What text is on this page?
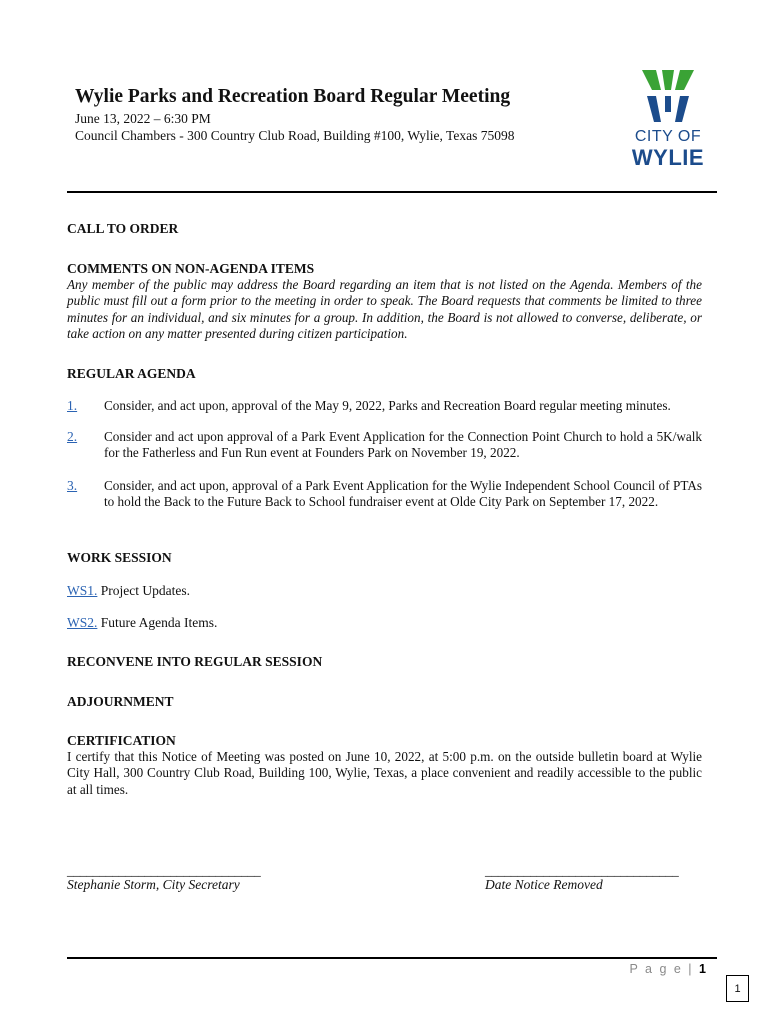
Wylie Parks and Recreation Board Regular Meeting
June 13, 2022 – 6:30 PM
Council Chambers - 300 Country Club Road, Building #100, Wylie, Texas 75098	CITY OF
WYLIE
CALL TO ORDER
COMMENTS ON NON-AGENDA ITEMS
Any member of the public may address the Board regarding an item that is not listed on the Agenda. Members of the public must fill out a form prior to the meeting in order to speak. The Board requests that comments be limited to three minutes for an individual, and six minutes for a group. In addition, the Board is not allowed to converse, deliberate, or take action on any matter presented during citizen participation.
REGULAR AGENDA
1. Consider, and act upon, approval of the May 9, 2022, Parks and Recreation Board regular meeting minutes.
2. Consider and act upon approval of a Park Event Application for the Connection Point Church to hold a 5K/walk for the Fatherless and Fun Run event at Founders Park on November 19, 2022.
3. Consider, and act upon, approval of a Park Event Application for the Wylie Independent School Council of PTAs to hold the Back to the Future Back to School fundraiser event at Olde City Park on September 17, 2022.
WORK SESSION
WS1. Project Updates.
WS2. Future Agenda Items.
RECONVENE INTO REGULAR SESSION
ADJOURNMENT
CERTIFICATION
I certify that this Notice of Meeting was posted on June 10, 2022, at 5:00 p.m. on the outside bulletin board at Wylie City Hall, 300 Country Club Road, Building 100, Wylie, Texas, a place convenient and readily accessible to the public at all times.
______________________________
Stephanie Storm, City Secretary
______________________________
Date Notice Removed
P a g e | 1
1
